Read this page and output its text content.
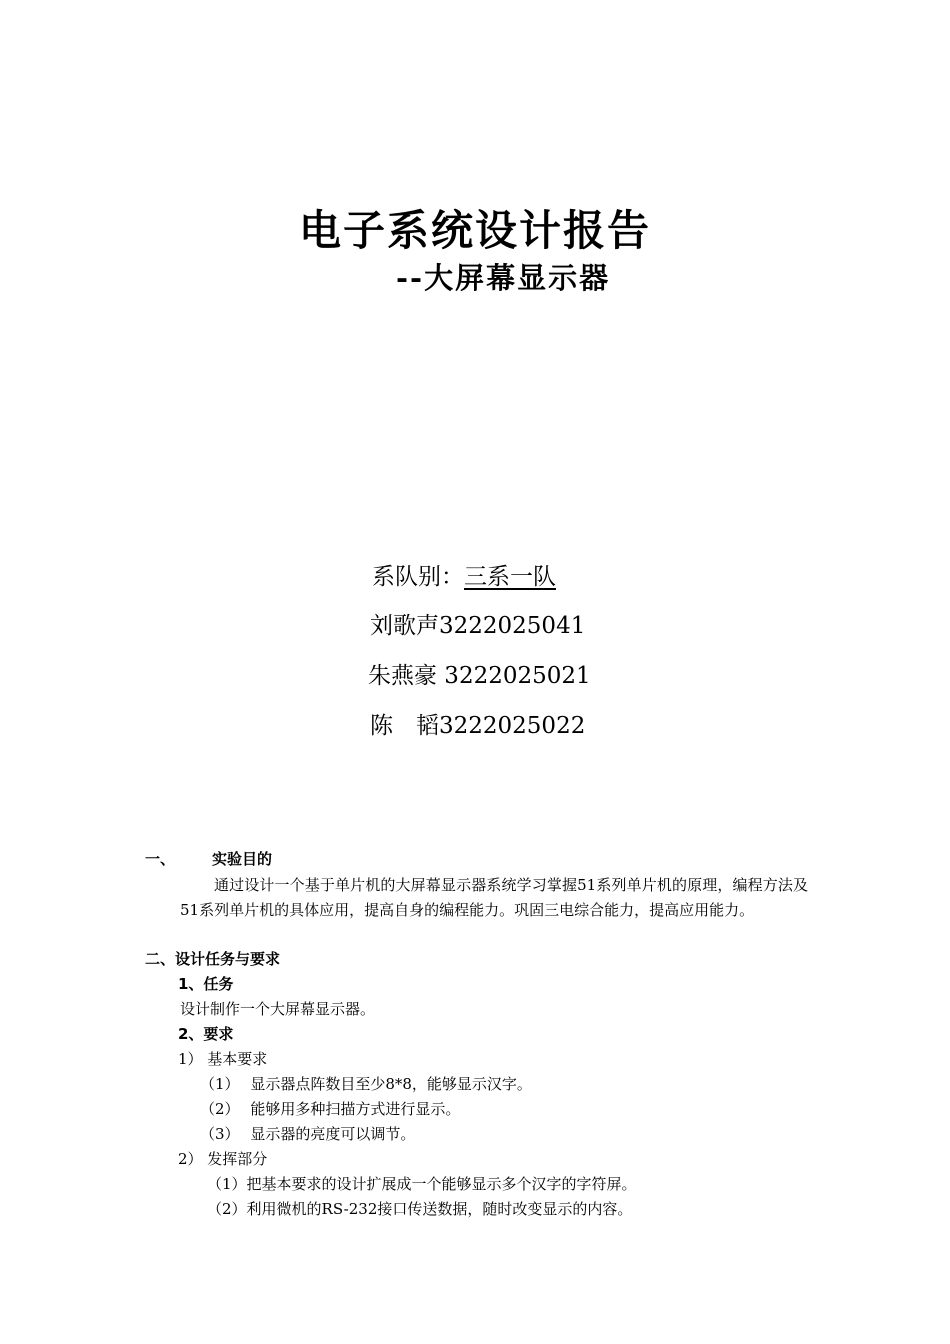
电子系统设计报告
--大屏幕显示器
系队别：三系一队
刘歌声3222025041
朱燕豪 3222025021
陈　韬3222025022
一、 实验目的
通过设计一个基于单片机的大屏幕显示器系统学习掌握51系列单片机的原理，编程方法及51系列单片机的具体应用，提高自身的编程能力。巩固三电综合能力，提高应用能力。
二、设计任务与要求
1、任务
设计制作一个大屏幕显示器。
2、要求
1） 基本要求
（1） 显示器点阵数目至少8*8，能够显示汉字。
（2） 能够用多种扫描方式进行显示。
（3） 显示器的亮度可以调节。
2） 发挥部分
（1）把基本要求的设计扩展成一个能够显示多个汉字的字符屏。
（2）利用微机的RS-232接口传送数据，随时改变显示的内容。
